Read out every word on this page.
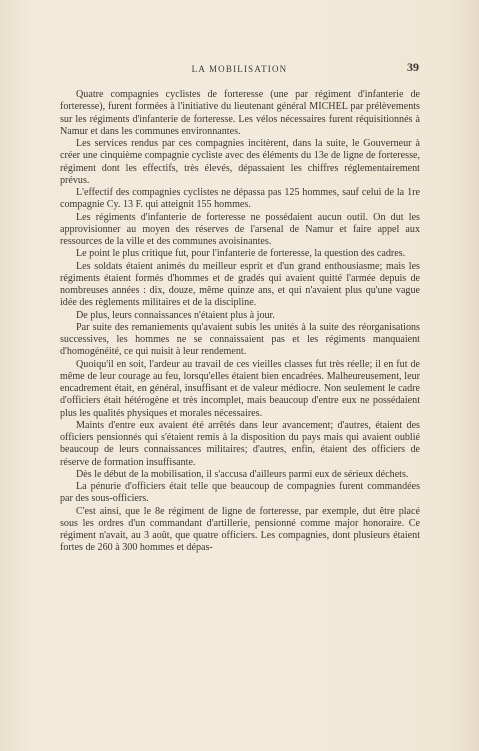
LA MOBILISATION	39

Quatre compagnies cyclistes de forteresse (une par régiment d'infanterie de forteresse), furent formées à l'initiative du lieutenant général MICHEL par prélèvements sur les régiments d'infanterie de forteresse. Les vélos nécessaires furent réquisitionnés à Namur et dans les communes environnantes.

Les services rendus par ces compagnies incitèrent, dans la suite, le Gouverneur à créer une cinquième compagnie cycliste avec des éléments du 13e de ligne de forteresse, régiment dont les effectifs, très élevés, dépassaient les chiffres réglementairement prévus.

L'effectif des compagnies cyclistes ne dépassa pas 125 hommes, sauf celui de la 1re compagnie Cy. 13 F. qui atteignit 155 hommes.

Les régiments d'infanterie de forteresse ne possédaient aucun outil. On dut les approvisionner au moyen des réserves de l'arsenal de Namur et faire appel aux ressources de la ville et des communes avoisinantes.

Le point le plus critique fut, pour l'infanterie de forteresse, la question des cadres.

Les soldats étaient animés du meilleur esprit et d'un grand enthousiasme; mais les régiments étaient formés d'hommes et de gradés qui avaient quitté l'armée depuis de nombreuses années : dix, douze, même quinze ans, et qui n'avaient plus qu'une vague idée des règlements militaires et de la discipline.

De plus, leurs connaissances n'étaient plus à jour.

Par suite des remaniements qu'avaient subis les unités à la suite des réorganisations successives, les hommes ne se connaissaient pas et les régiments manquaient d'homogénéité, ce qui nuisit à leur rendement.

Quoiqu'il en soit, l'ardeur au travail de ces vieilles classes fut très réelle; il en fut de même de leur courage au feu, lorsqu'elles étaient bien encadrées. Malheureusement, leur encadrement était, en général, insuffisant et de valeur médiocre. Non seulement le cadre d'officiers était hétérogène et très incomplet, mais beaucoup d'entre eux ne possédaient plus les qualités physiques et morales nécessaires.

Maints d'entre eux avaient été arrêtés dans leur avancement; d'autres, étaient des officiers pensionnés qui s'étaient remis à la disposition du pays mais qui avaient oublié beaucoup de leurs connaissances militaires; d'autres, enfin, étaient des officiers de réserve de formation insuffisante.

Dès le début de la mobilisation, il s'accusa d'ailleurs parmi eux de sérieux déchets.

La pénurie d'officiers était telle que beaucoup de compagnies furent commandées par des sous-officiers.

C'est ainsi, que le 8e régiment de ligne de forteresse, par exemple, dut être placé sous les ordres d'un commandant d'artillerie, pensionné comme major honoraire. Ce régiment n'avait, au 3 août, que quatre officiers. Les compagnies, dont plusieurs étaient fortes de 260 à 300 hommes et dépas-
